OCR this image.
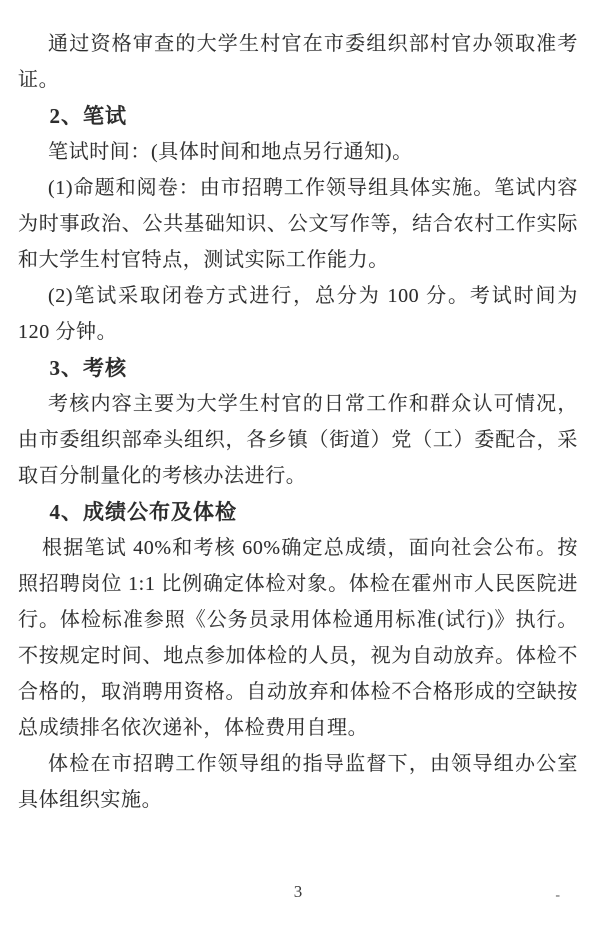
通过资格审查的大学生村官在市委组织部村官办领取准考证。

2、笔试

笔试时间：(具体时间和地点另行通知)。

(1)命题和阅卷：由市招聘工作领导组具体实施。笔试内容为时事政治、公共基础知识、公文写作等，结合农村工作实际和大学生村官特点，测试实际工作能力。

(2)笔试采取闭卷方式进行，总分为 100 分。考试时间为 120 分钟。

3、考核

考核内容主要为大学生村官的日常工作和群众认可情况，由市委组织部牵头组织，各乡镇（街道）党（工）委配合，采取百分制量化的考核办法进行。

4、成绩公布及体检

根据笔试 40%和考核 60%确定总成绩，面向社会公布。按照招聘岗位 1:1 比例确定体检对象。体检在霍州市人民医院进行。体检标准参照《公务员录用体检通用标准(试行)》执行。不按规定时间、地点参加体检的人员，视为自动放弃。体检不合格的，取消聘用资格。自动放弃和体检不合格形成的空缺按总成绩排名依次递补，体检费用自理。

体检在市招聘工作领导组的指导监督下，由领导组办公室具体组织实施。

3	-
